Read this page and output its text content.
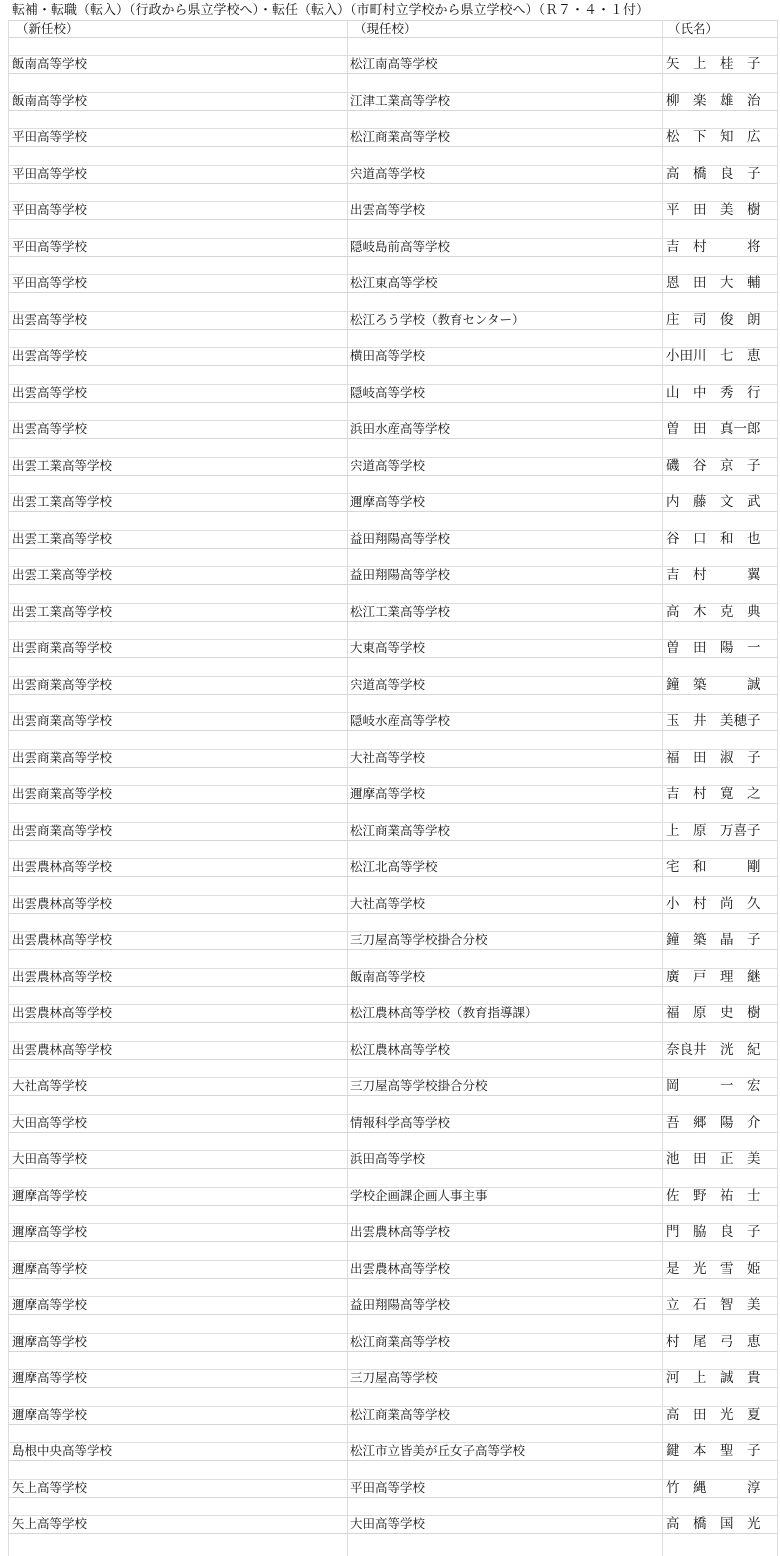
転補・転職（転入）（行政から県立学校へ）・転任（転入）（市町村立学校から県立学校へ）（Ｒ７・４・１付）
（新任校）	（現任校）	（氏名）
飯南高等学校	松江南高等学校	矢　上　桂　子
飯南高等学校	江津工業高等学校	柳　楽　雄　治
平田高等学校	松江商業高等学校	松　下　知　広
平田高等学校	宍道高等学校	高　橋　良　子
平田高等学校	出雲高等学校	平　田　美　樹
平田高等学校	隠岐島前高等学校	吉　村　　　将
平田高等学校	松江東高等学校	恩　田　大　輔
出雲高等学校	松江ろう学校（教育センター）	庄　司　俊　朗
出雲高等学校	横田高等学校	小田川　七　恵
出雲高等学校	隠岐高等学校	山　中　秀　行
出雲高等学校	浜田水産高等学校	曽　田　真一郎
出雲工業高等学校	宍道高等学校	磯　谷　京　子
出雲工業高等学校	邇摩高等学校	内　藤　文　武
出雲工業高等学校	益田翔陽高等学校	谷　口　和　也
出雲工業高等学校	益田翔陽高等学校	吉　村　　　翼
出雲工業高等学校	松江工業高等学校	高　木　克　典
出雲商業高等学校	大東高等学校	曽　田　陽　一
出雲商業高等学校	宍道高等学校	鐘　築　　　誠
出雲商業高等学校	隠岐水産高等学校	玉　井　美穂子
出雲商業高等学校	大社高等学校	福　田　淑　子
出雲商業高等学校	邇摩高等学校	吉　村　寛　之
出雲商業高等学校	松江商業高等学校	上　原　万喜子
出雲農林高等学校	松江北高等学校	宅　和　　　剛
出雲農林高等学校	大社高等学校	小　村　尚　久
出雲農林高等学校	三刀屋高等学校掛合分校	鐘　築　晶　子
出雲農林高等学校	飯南高等学校	廣　戸　理　継
出雲農林高等学校	松江農林高等学校（教育指導課）	福　原　史　樹
出雲農林高等学校	松江農林高等学校	奈良井　洸　紀
大社高等学校	三刀屋高等学校掛合分校	岡　　　一　宏
大田高等学校	情報科学高等学校	吾　郷　陽　介
大田高等学校	浜田高等学校	池　田　正　美
邇摩高等学校	学校企画課企画人事主事	佐　野　祐　士
邇摩高等学校	出雲農林高等学校	門　脇　良　子
邇摩高等学校	出雲農林高等学校	是　光　雪　姫
邇摩高等学校	益田翔陽高等学校	立　石　智　美
邇摩高等学校	松江商業高等学校	村　尾　弓　恵
邇摩高等学校	三刀屋高等学校	河　上　誠　貴
邇摩高等学校	松江商業高等学校	高　田　光　夏
島根中央高等学校	松江市立皆美が丘女子高等学校	鍵　本　聖　子
矢上高等学校	平田高等学校	竹　縄　　　淳
矢上高等学校	大田高等学校	高　橋　国　光
